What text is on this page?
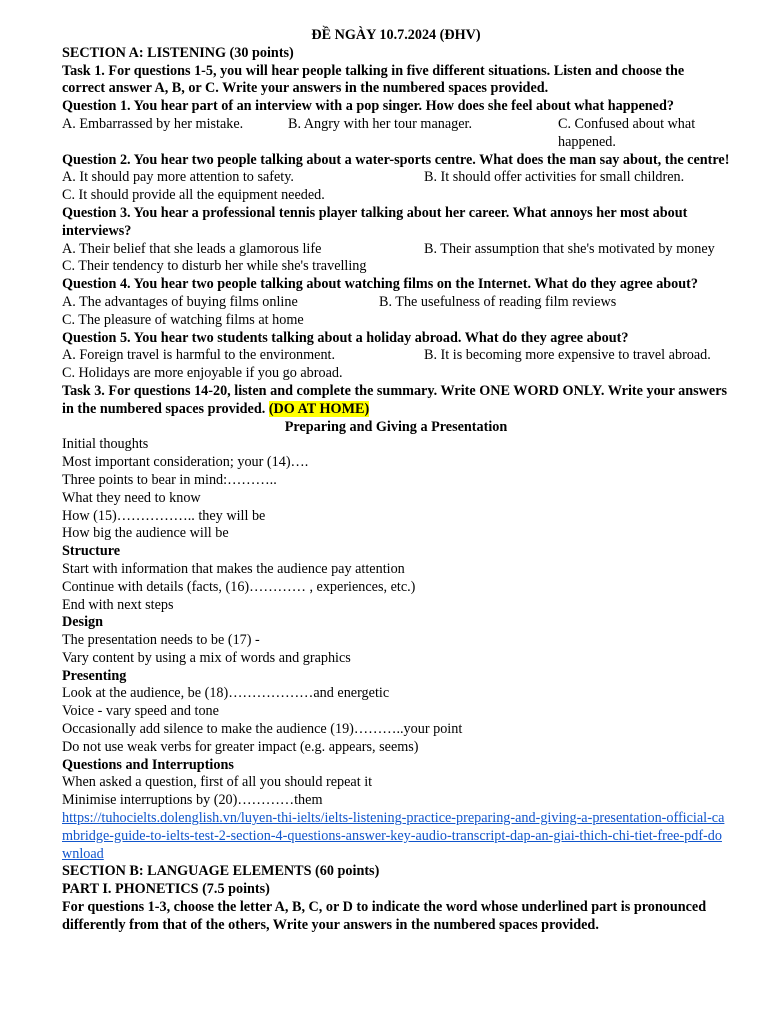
ĐỀ NGÀY 10.7.2024 (ĐHV)

SECTION A: LISTENING (30 points)

Task 1. For questions 1-5, you will hear people talking in five different situations. Listen and choose the correct answer A, B, or C. Write your answers in the numbered spaces provided.

Question 1. You hear part of an interview with a pop singer. How does she feel about what happened?

A. Embarrassed by her mistake.	B. Angry with her tour manager.	C. Confused about what happened.

Question 2. You hear two people talking about a water-sports centre. What does the man say about, the centre!

A. It should pay more attention to safety.	B. It should offer activities for small children.

C. It should provide all the equipment needed.

Question 3. You hear a professional tennis player talking about her career. What annoys her most about interviews?

A. Their belief that she leads a glamorous life	B. Their assumption that she's motivated by money

C. Their tendency to disturb her while she's travelling

Question 4. You hear two people talking about watching films on the Internet. What do they agree about?

A. The advantages of buying films online	B. The usefulness of reading film reviews

C. The pleasure of watching films at home

Question 5. You hear two students talking about a holiday abroad. What do they agree about?

A. Foreign travel is harmful to the environment.	B. It is becoming more expensive to travel abroad.

C. Holidays are more enjoyable if you go abroad.

Task 3. For questions 14-20, listen and complete the summary. Write ONE WORD ONLY. Write your answers in the numbered spaces provided. (DO AT HOME)

Preparing and Giving a Presentation

Initial thoughts

Most important consideration; your (14)….

Three points to bear in mind:………..

What they need to know

How (15)…………….. they will be

How big the audience will be

Structure

Start with information that makes the audience pay attention

Continue with details (facts, (16)………… , experiences, etc.)

End with next steps

Design

The presentation needs to be (17) -

Vary content by using a mix of words and graphics

Presenting

Look at the audience, be (18)………………and energetic

Voice - vary speed and tone

Occasionally add silence to make the audience (19)………..your point

Do not use weak verbs for greater impact (e.g. appears, seems)

Questions and Interruptions

When asked a question, first of all you should repeat it

Minimise interruptions by (20)…………them

https://tuhocielts.dolenglish.vn/luyen-thi-ielts/ielts-listening-practice-preparing-and-giving-a-presentation-official-cambridge-guide-to-ielts-test-2-section-4-questions-answer-key-audio-transcript-dap-an-giai-thich-chi-tiet-free-pdf-download

SECTION B: LANGUAGE ELEMENTS (60 points)

PART I. PHONETICS (7.5 points)

For questions 1-3, choose the letter A, B, C, or D to indicate the word whose underlined part is pronounced differently from that of the others, Write your answers in the numbered spaces provided.
